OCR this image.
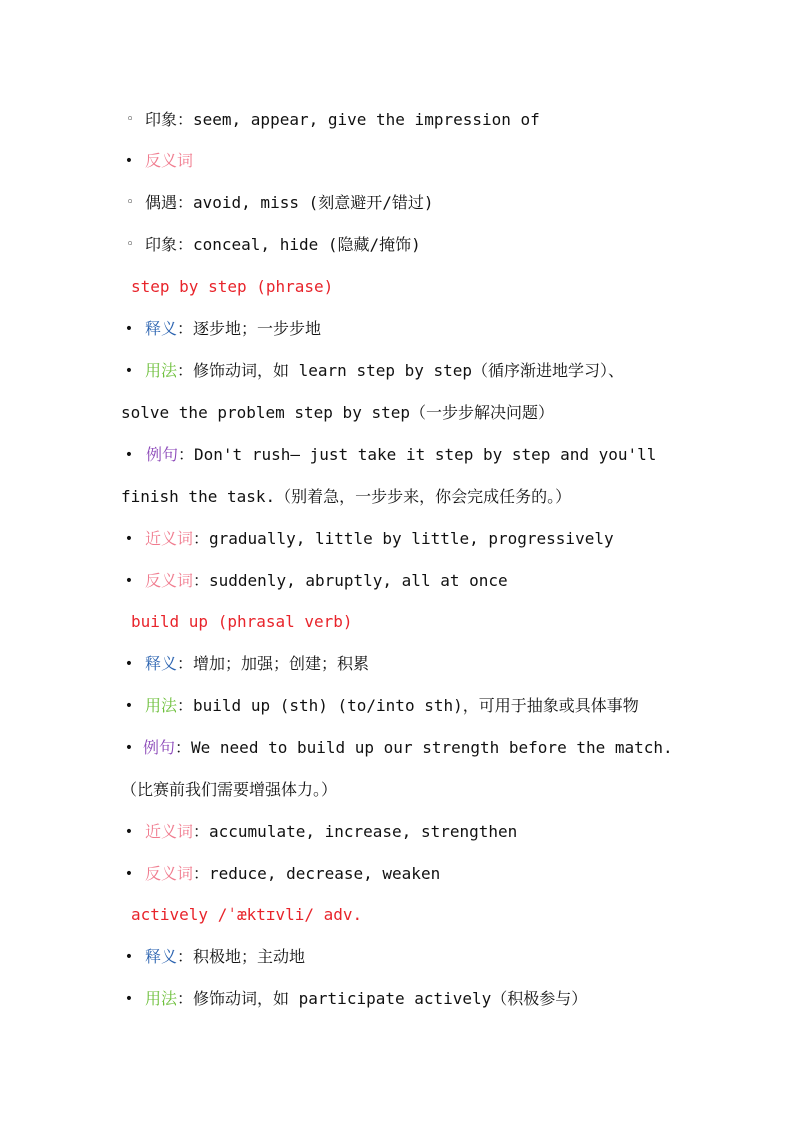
◦ 印象：seem, appear, give the impression of
• 反义词
◦ 偶遇：avoid, miss (刻意避开/错过)
◦ 印象：conceal, hide (隐藏/掩饰)
step by step (phrase)
• 释义：逐步地；一步步地
• 用法：修饰动词，如 learn step by step（循序渐进地学习）、
solve the problem step by step（一步步解决问题）
• 例句：Don't rush— just take it step by step and you'll
finish the task.（别着急，一步步来，你会完成任务的。）
• 近义词：gradually, little by little, progressively
• 反义词：suddenly, abruptly, all at once
build up (phrasal verb)
• 释义：增加；加强；创建；积累
• 用法：build up (sth) (to/into sth)，可用于抽象或具体事物
• 例句：We need to build up our strength before the match.
（比赛前我们需要增强体力。）
• 近义词：accumulate, increase, strengthen
• 反义词：reduce, decrease, weaken
actively /ˈæktɪvli/ adv.
• 释义：积极地；主动地
• 用法：修饰动词，如 participate actively（积极参与）
